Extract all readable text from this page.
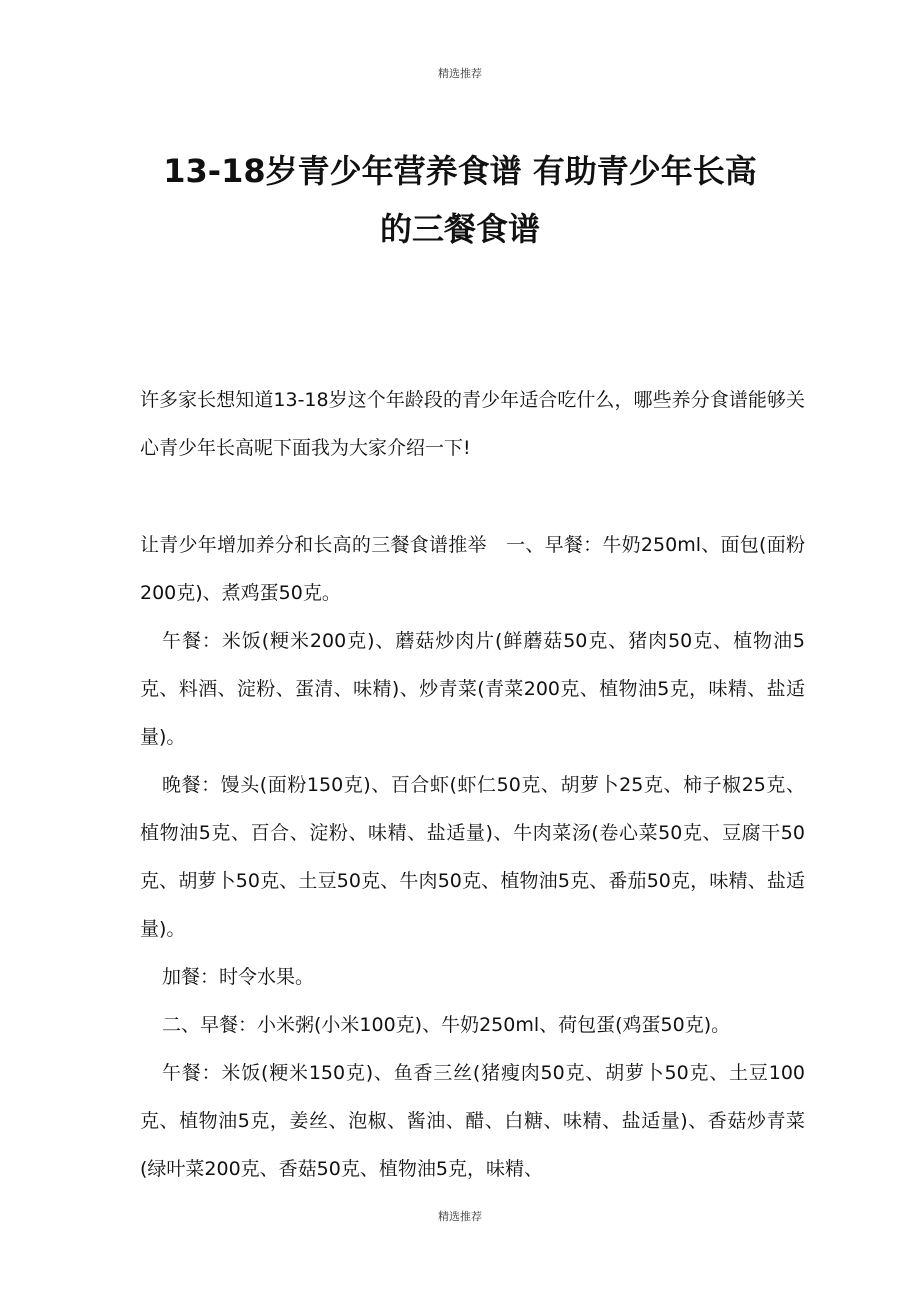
精选推荐
13-18岁青少年营养食谱 有助青少年长高
的三餐食谱

许多家长想知道13-18岁这个年龄段的青少年适合吃什么，哪些养分食谱能够关心青少年长高呢下面我为大家介绍一下!

让青少年增加养分和长高的三餐食谱推举　一、早餐：牛奶250ml、面包(面粉200克)、煮鸡蛋50克。

午餐：米饭(粳米200克)、蘑菇炒肉片(鲜蘑菇50克、猪肉50克、植物油5克、料酒、淀粉、蛋清、味精)、炒青菜(青菜200克、植物油5克，味精、盐适量)。

晚餐：馒头(面粉150克)、百合虾(虾仁50克、胡萝卜25克、柿子椒25克、植物油5克、百合、淀粉、味精、盐适量)、牛肉菜汤(卷心菜50克、豆腐干50克、胡萝卜50克、土豆50克、牛肉50克、植物油5克、番茄50克，味精、盐适量)。

加餐：时令水果。

二、早餐：小米粥(小米100克)、牛奶250ml、荷包蛋(鸡蛋50克)。

午餐：米饭(粳米150克)、鱼香三丝(猪瘦肉50克、胡萝卜50克、土豆100克、植物油5克，姜丝、泡椒、酱油、醋、白糖、味精、盐适量)、香菇炒青菜(绿叶菜200克、香菇50克、植物油5克，味精、

精选推荐
